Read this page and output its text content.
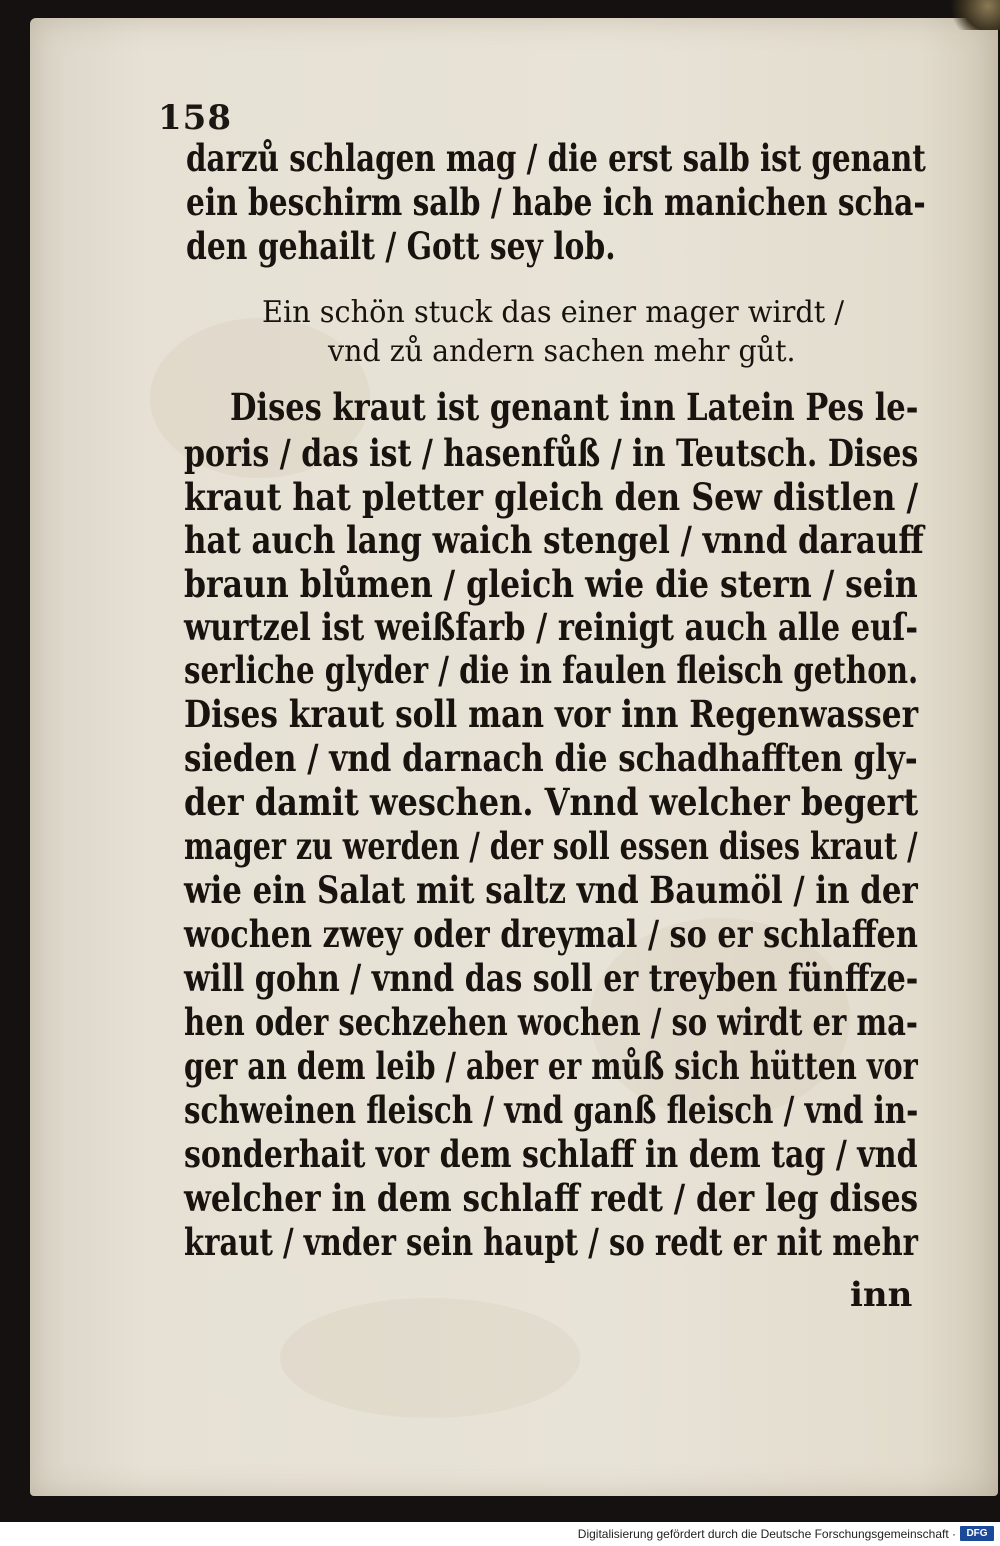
158
darzů schlagen mag / die erst salb ist genant
ein beschirm salb / habe ich manichen scha-
den gehailt / Gott sey lob.
Ein schön stuck das einer mager wirdt /
vnd zů andern sachen mehr gůt.
Dises kraut ist genant inn Latein Pes le-
poris / das ist / hasenfůß / in Teutsch. Dises
kraut hat pletter gleich den Sew distlen /
hat auch lang waich stengel / vnnd darauff
braun blůmen / gleich wie die stern / sein
wurtzel ist weißfarb / reinigt auch alle euſ-
serliche glyder / die in faulen fleisch gethon.
Dises kraut soll man vor inn Regenwasser
sieden / vnd darnach die schadhafften gly-
der damit weschen. Vnnd welcher begert
mager zu werden / der soll essen dises kraut /
wie ein Salat mit saltz vnd Baumöl / in der
wochen zwey oder dreymal / so er schlaffen
will gohn / vnnd das soll er treyben fünffze-
hen oder sechzehen wochen / so wirdt er ma-
ger an dem leib / aber er můß sich hütten vor
schweinen fleisch / vnd ganß fleisch / vnd in-
sonderhait vor dem schlaff in dem tag / vnd
welcher in dem schlaff redt / der leg dises
kraut / vnder sein haupt / so redt er nit mehr
inn
Digitalisierung gefördert durch die Deutsche Forschungsgemeinschaft ·	DFG
